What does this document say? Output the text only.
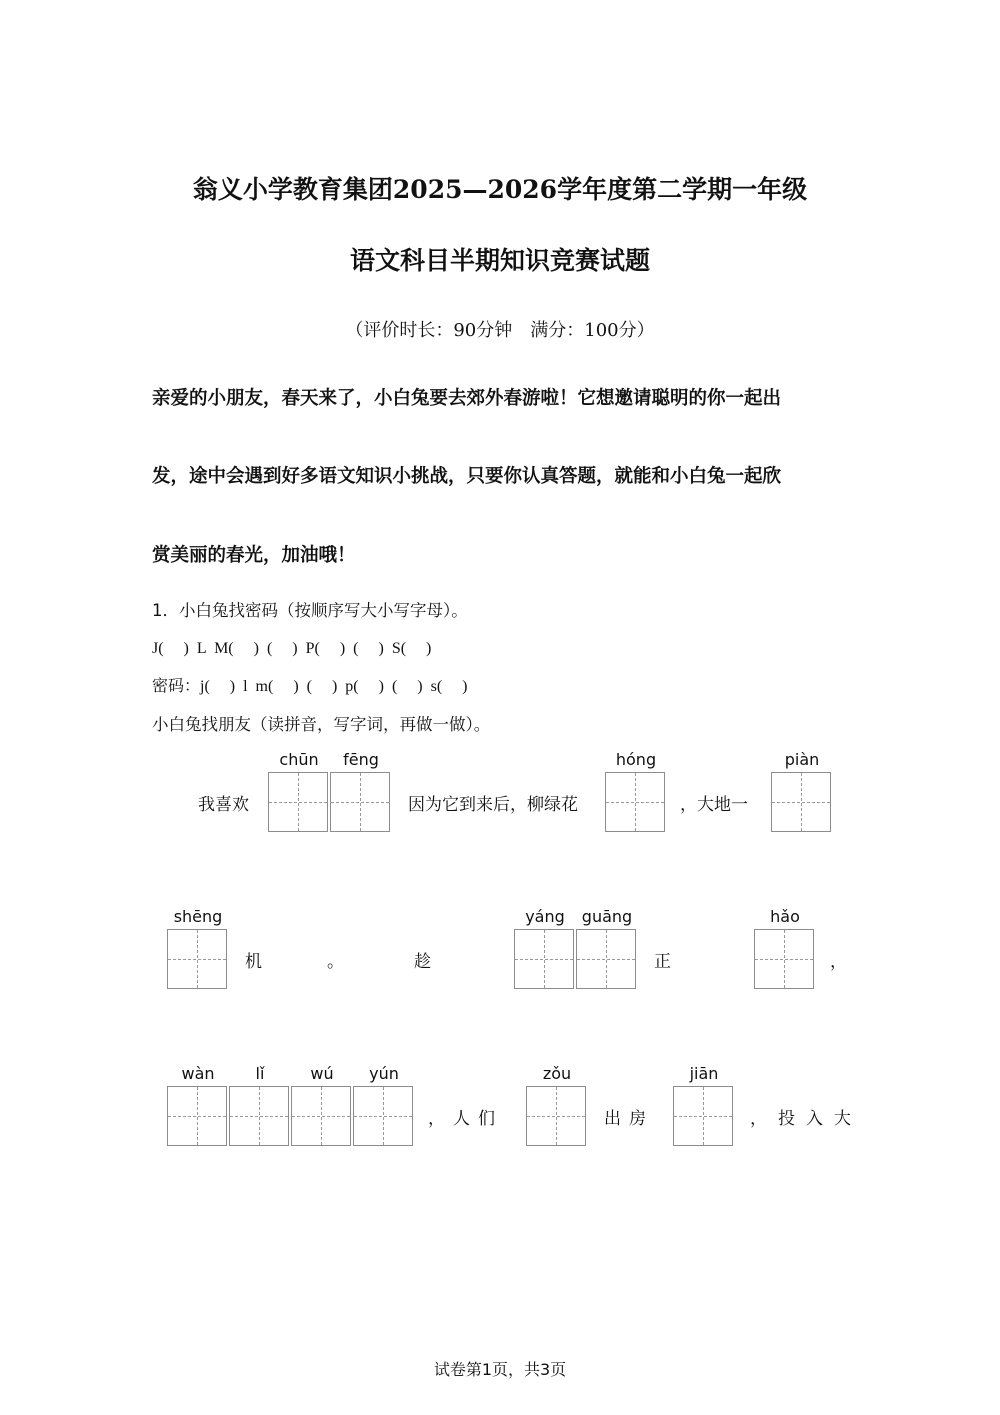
翁义小学教育集团2025—2026学年度第二学期一年级
语文科目半期知识竞赛试题
（评价时长：90分钟　满分：100分）
亲爱的小朋友，春天来了，小白兔要去郊外春游啦！它想邀请聪明的你一起出
发，途中会遇到好多语文知识小挑战，只要你认真答题，就能和小白兔一起欣
赏美丽的春光，加油哦！
1．小白兔找密码（按顺序写大小写字母）。
J(　 )  L  M(　 )  (　 )  P(　 )  (　 )  S(　 )
密码：j(　 )  l  m(　 )  (　 )  p(　 )  (　 )  s(　 )
小白兔找朋友（读拼音，写字词，再做一做）。
我喜欢
chūn	fēng
因为它到来后，柳绿花
hóng
，大地一
piàn
shēng
机	。	趁
yáng	guāng
正
hǎo
，
wàn	lǐ	wú	yún
，人们
zǒu
出房
jiān
，投入大
试卷第1页，共3页
